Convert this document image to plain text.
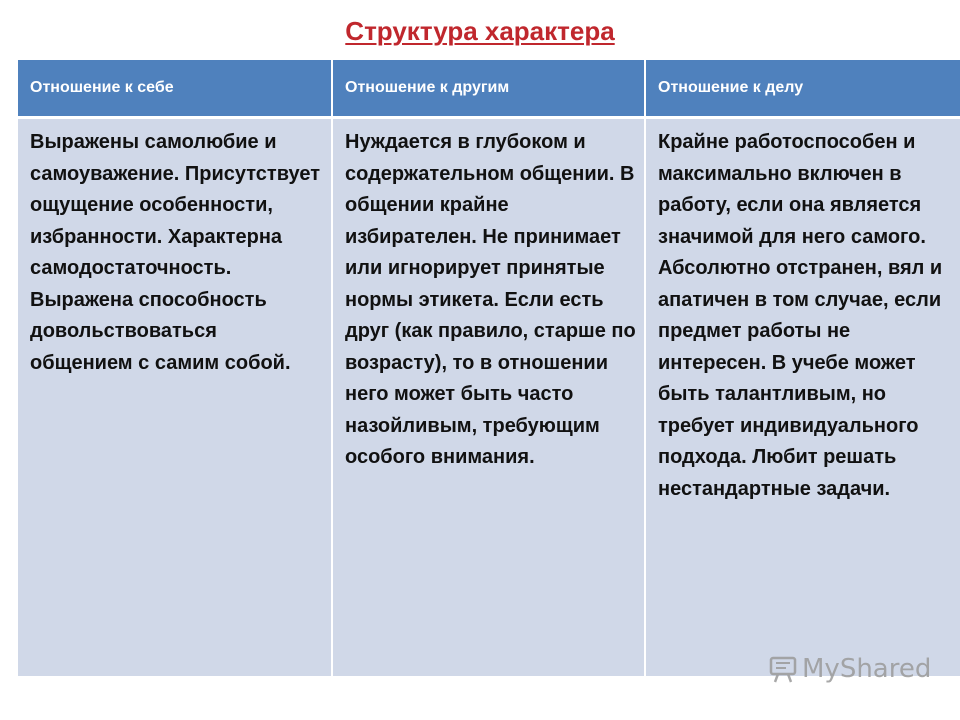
Структура характера
Отношение к себе	Отношение к другим	Отношение к делу
Выражены самолюбие и самоуважение. Присутствует ощущение особенности, избранности. Характерна самодостаточность. Выражена способность довольствоваться общением с самим собой.
Нуждается в глубоком и содержательном общении. В общении крайне избирателен. Не принимает или игнорирует принятые нормы этикета. Если есть друг (как правило, старше по возрасту), то в отношении него может быть часто назойливым, требующим особого внимания.
Крайне работоспособен и максимально включен в работу, если она является значимой для него самого. Абсолютно отстранен, вял и апатичен в том случае, если предмет работы не интересен. В учебе может быть талантливым, но требует индивидуального подхода. Любит решать нестандартные задачи.
MyShared
